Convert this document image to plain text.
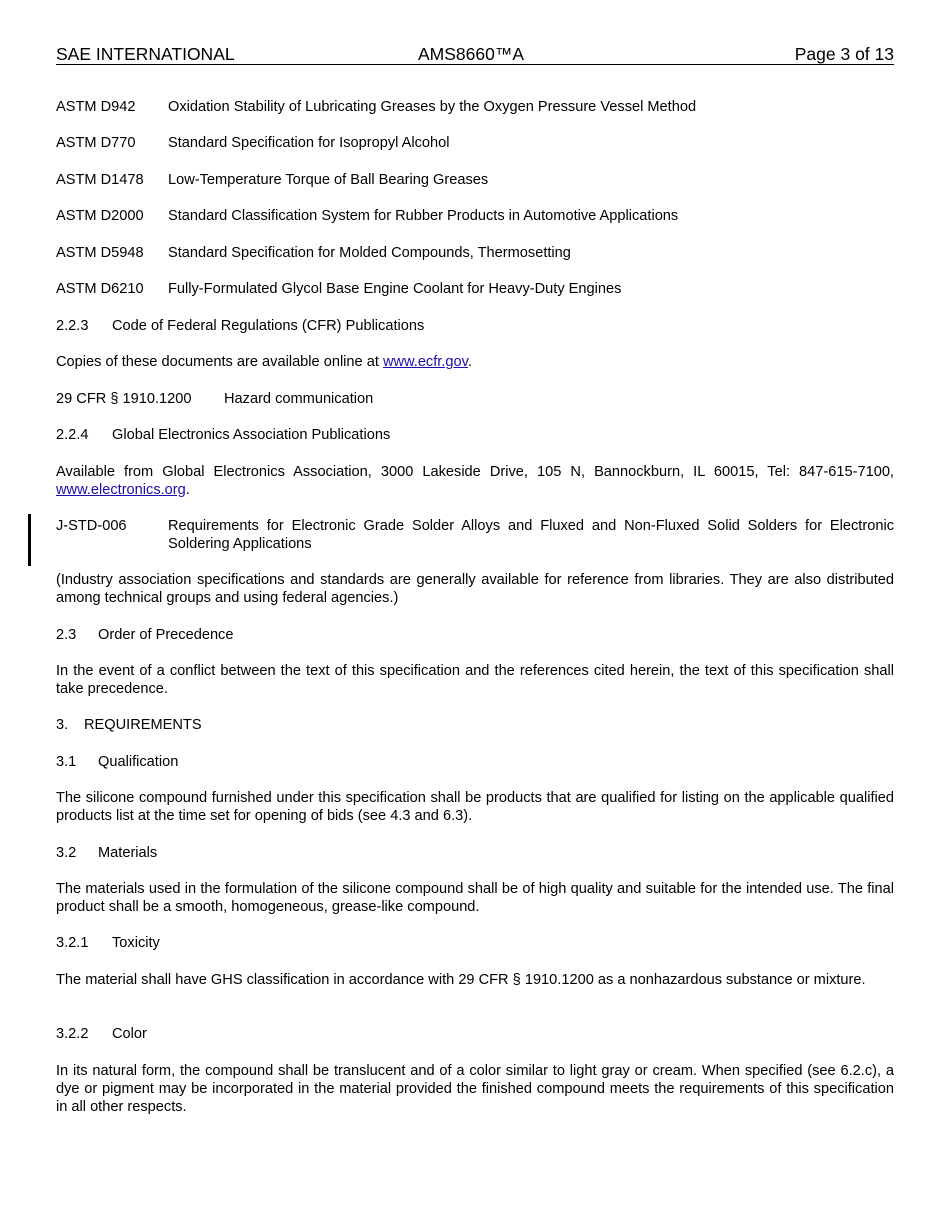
SAE INTERNATIONAL	AMS8660™A	Page 3 of 13
ASTM D942 Oxidation Stability of Lubricating Greases by the Oxygen Pressure Vessel Method
ASTM D770 Standard Specification for Isopropyl Alcohol
ASTM D1478 Low-Temperature Torque of Ball Bearing Greases
ASTM D2000 Standard Classification System for Rubber Products in Automotive Applications
ASTM D5948 Standard Specification for Molded Compounds, Thermosetting
ASTM D6210 Fully-Formulated Glycol Base Engine Coolant for Heavy-Duty Engines
2.2.3 Code of Federal Regulations (CFR) Publications
Copies of these documents are available online at www.ecfr.gov.
29 CFR § 1910.1200 Hazard communication
2.2.4 Global Electronics Association Publications
Available from Global Electronics Association, 3000 Lakeside Drive, 105 N, Bannockburn, IL 60015, Tel: 847-615-7100,
www.electronics.org.
J-STD-006	Requirements for Electronic Grade Solder Alloys and Fluxed and Non-Fluxed Solid Solders for Electronic Soldering Applications
(Industry association specifications and standards are generally available for reference from libraries. They are also distributed among technical groups and using federal agencies.)
2.3 Order of Precedence
In the event of a conflict between the text of this specification and the references cited herein, the text of this specification shall take precedence.
3. REQUIREMENTS
3.1 Qualification
The silicone compound furnished under this specification shall be products that are qualified for listing on the applicable qualified products list at the time set for opening of bids (see 4.3 and 6.3).
3.2 Materials
The materials used in the formulation of the silicone compound shall be of high quality and suitable for the intended use. The final product shall be a smooth, homogeneous, grease-like compound.
3.2.1 Toxicity
The material shall have GHS classification in accordance with 29 CFR § 1910.1200 as a nonhazardous substance or mixture.
3.2.2 Color
In its natural form, the compound shall be translucent and of a color similar to light gray or cream. When specified (see 6.2.c), a dye or pigment may be incorporated in the material provided the finished compound meets the requirements of this specification in all other respects.
